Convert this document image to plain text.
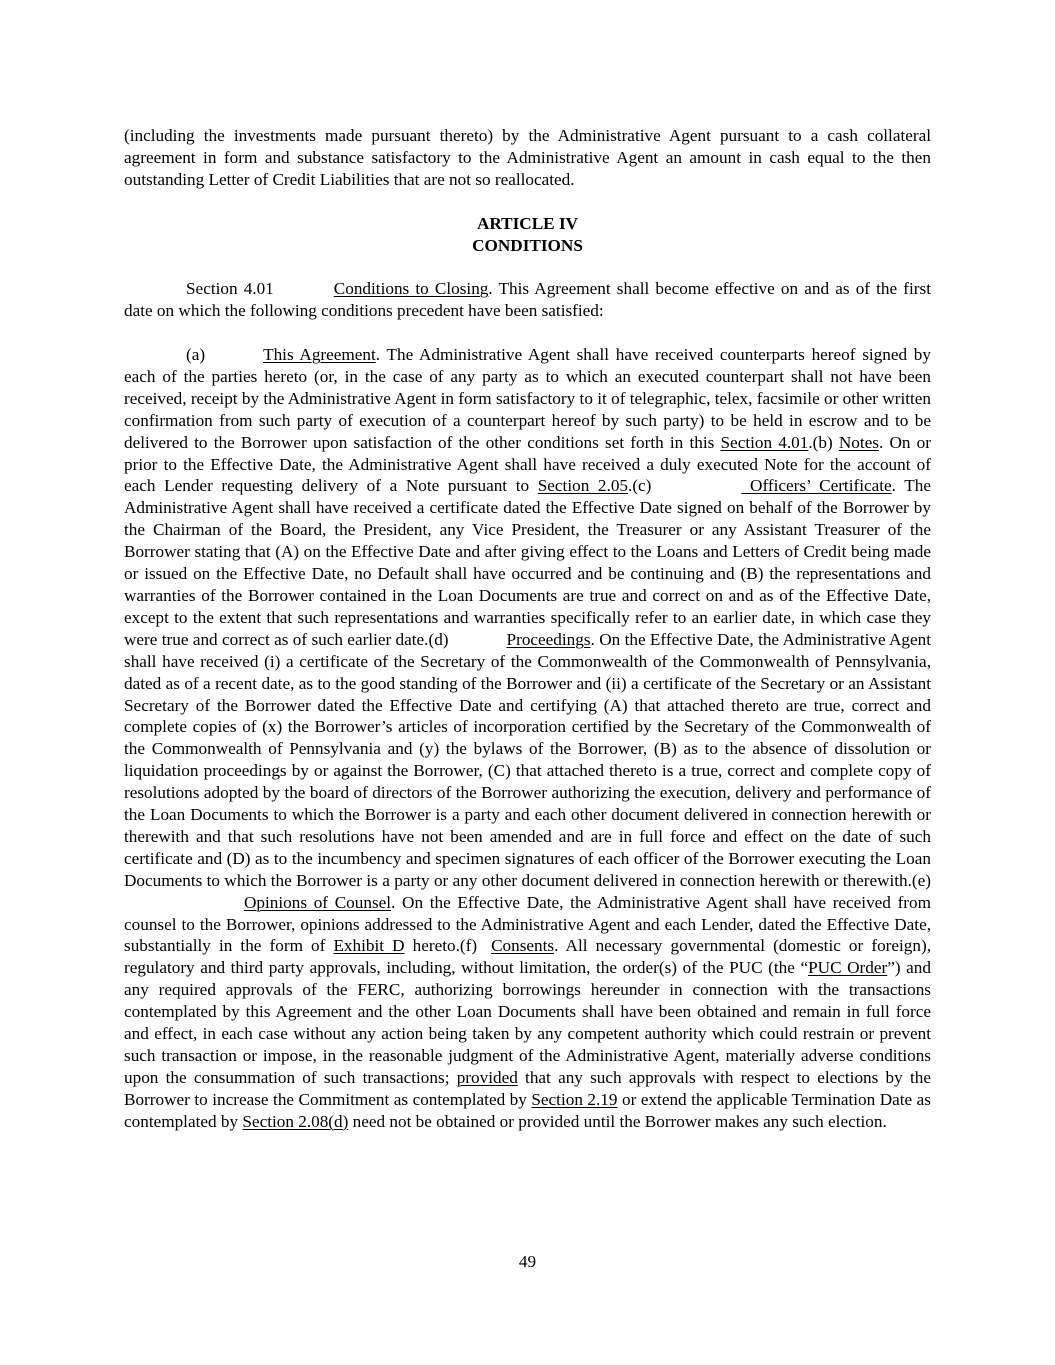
(including the investments made pursuant thereto) by the Administrative Agent pursuant to a cash collateral agreement in form and substance satisfactory to the Administrative Agent an amount in cash equal to the then outstanding Letter of Credit Liabilities that are not so reallocated.

ARTICLE IV
CONDITIONS

Section 4.01	Conditions to Closing. This Agreement shall become effective on and as of the first date on which the following conditions precedent have been satisfied:

(a)	This Agreement. The Administrative Agent shall have received counterparts hereof signed by each of the parties hereto (or, in the case of any party as to which an executed counterpart shall not have been received, receipt by the Administrative Agent in form satisfactory to it of telegraphic, telex, facsimile or other written confirmation from such party of execution of a counterpart hereof by such party) to be held in escrow and to be delivered to the Borrower upon satisfaction of the other conditions set forth in this Section 4.01.(b) Notes. On or prior to the Effective Date, the Administrative Agent shall have received a duly executed Note for the account of each Lender requesting delivery of a Note pursuant to Section 2.05.(c)	Officers’ Certificate. The Administrative Agent shall have received a certificate dated the Effective Date signed on behalf of the Borrower by the Chairman of the Board, the President, any Vice President, the Treasurer or any Assistant Treasurer of the Borrower stating that (A) on the Effective Date and after giving effect to the Loans and Letters of Credit being made or issued on the Effective Date, no Default shall have occurred and be continuing and (B) the representations and warranties of the Borrower contained in the Loan Documents are true and correct on and as of the Effective Date, except to the extent that such representations and warranties specifically refer to an earlier date, in which case they were true and correct as of such earlier date.(d)	Proceedings. On the Effective Date, the Administrative Agent shall have received (i) a certificate of the Secretary of the Commonwealth of the Commonwealth of Pennsylvania, dated as of a recent date, as to the good standing of the Borrower and (ii) a certificate of the Secretary or an Assistant Secretary of the Borrower dated the Effective Date and certifying (A) that attached thereto are true, correct and complete copies of (x) the Borrower’s articles of incorporation certified by the Secretary of the Commonwealth of the Commonwealth of Pennsylvania and (y) the bylaws of the Borrower, (B) as to the absence of dissolution or liquidation proceedings by or against the Borrower, (C) that attached thereto is a true, correct and complete copy of resolutions adopted by the board of directors of the Borrower authorizing the execution, delivery and performance of the Loan Documents to which the Borrower is a party and each other document delivered in connection herewith or therewith and that such resolutions have not been amended and are in full force and effect on the date of such certificate and (D) as to the incumbency and specimen signatures of each officer of the Borrower executing the Loan Documents to which the Borrower is a party or any other document delivered in connection herewith or therewith.(e)Opinions of Counsel. On the Effective Date, the Administrative Agent shall have received from counsel to the Borrower, opinions addressed to the Administrative Agent and each Lender, dated the Effective Date, substantially in the form of Exhibit D hereto.(f) Consents. All necessary governmental (domestic or foreign), regulatory and third party approvals, including, without limitation, the order(s) of the PUC (the “PUC Order”) and any required approvals of the FERC, authorizing borrowings hereunder in connection with the transactions contemplated by this Agreement and the other Loan Documents shall have been obtained and remain in full force and effect, in each case without any action being taken by any competent authority which could restrain or prevent such transaction or impose, in the reasonable judgment of the Administrative Agent, materially adverse conditions upon the consummation of such transactions; provided that any such approvals with respect to elections by the Borrower to increase the Commitment as contemplated by Section 2.19 or extend the applicable Termination Date as contemplated by Section 2.08(d) need not be obtained or provided until the Borrower makes any such election.

49
